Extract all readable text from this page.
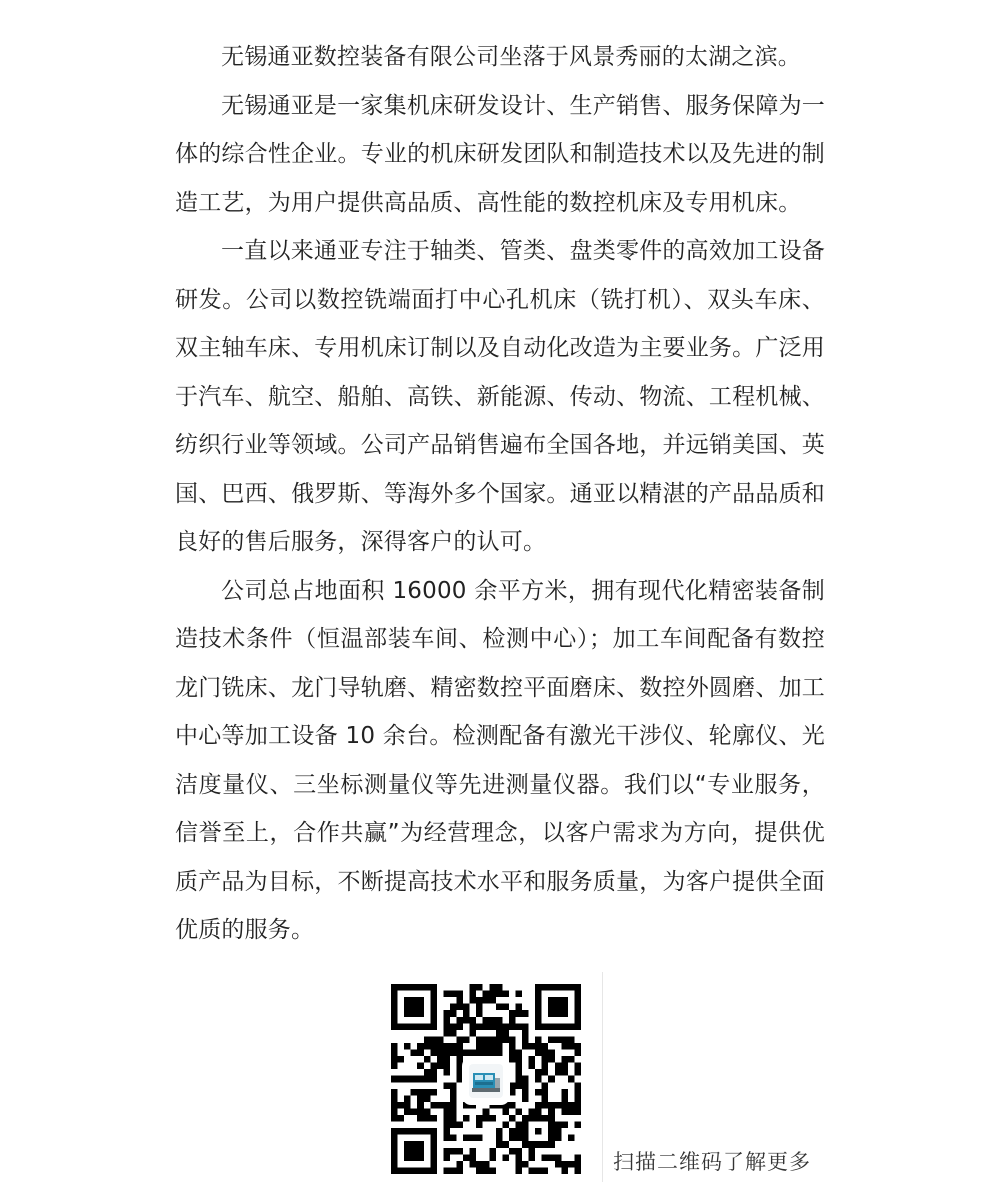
无锡通亚数控装备有限公司坐落于风景秀丽的太湖之滨。

无锡通亚是一家集机床研发设计、生产销售、服务保障为一体的综合性企业。专业的机床研发团队和制造技术以及先进的制造工艺，为用户提供高品质、高性能的数控机床及专用机床。

一直以来通亚专注于轴类、管类、盘类零件的高效加工设备研发。公司以数控铣端面打中心孔机床（铣打机）、双头车床、双主轴车床、专用机床订制以及自动化改造为主要业务。广泛用于汽车、航空、船舶、高铁、新能源、传动、物流、工程机械、纺织行业等领域。公司产品销售遍布全国各地，并远销美国、英国、巴西、俄罗斯、等海外多个国家。通亚以精湛的产品品质和良好的售后服务，深得客户的认可。

公司总占地面积 16000 余平方米，拥有现代化精密装备制造技术条件（恒温部装车间、检测中心）；加工车间配备有数控龙门铣床、龙门导轨磨、精密数控平面磨床、数控外圆磨、加工中心等加工设备 10 余台。检测配备有激光干涉仪、轮廓仪、光洁度量仪、三坐标测量仪等先进测量仪器。我们以“专业服务，信誉至上，合作共赢”为经营理念，以客户需求为方向，提供优质产品为目标，不断提高技术水平和服务质量，为客户提供全面优质的服务。

扫描二维码了解更多
